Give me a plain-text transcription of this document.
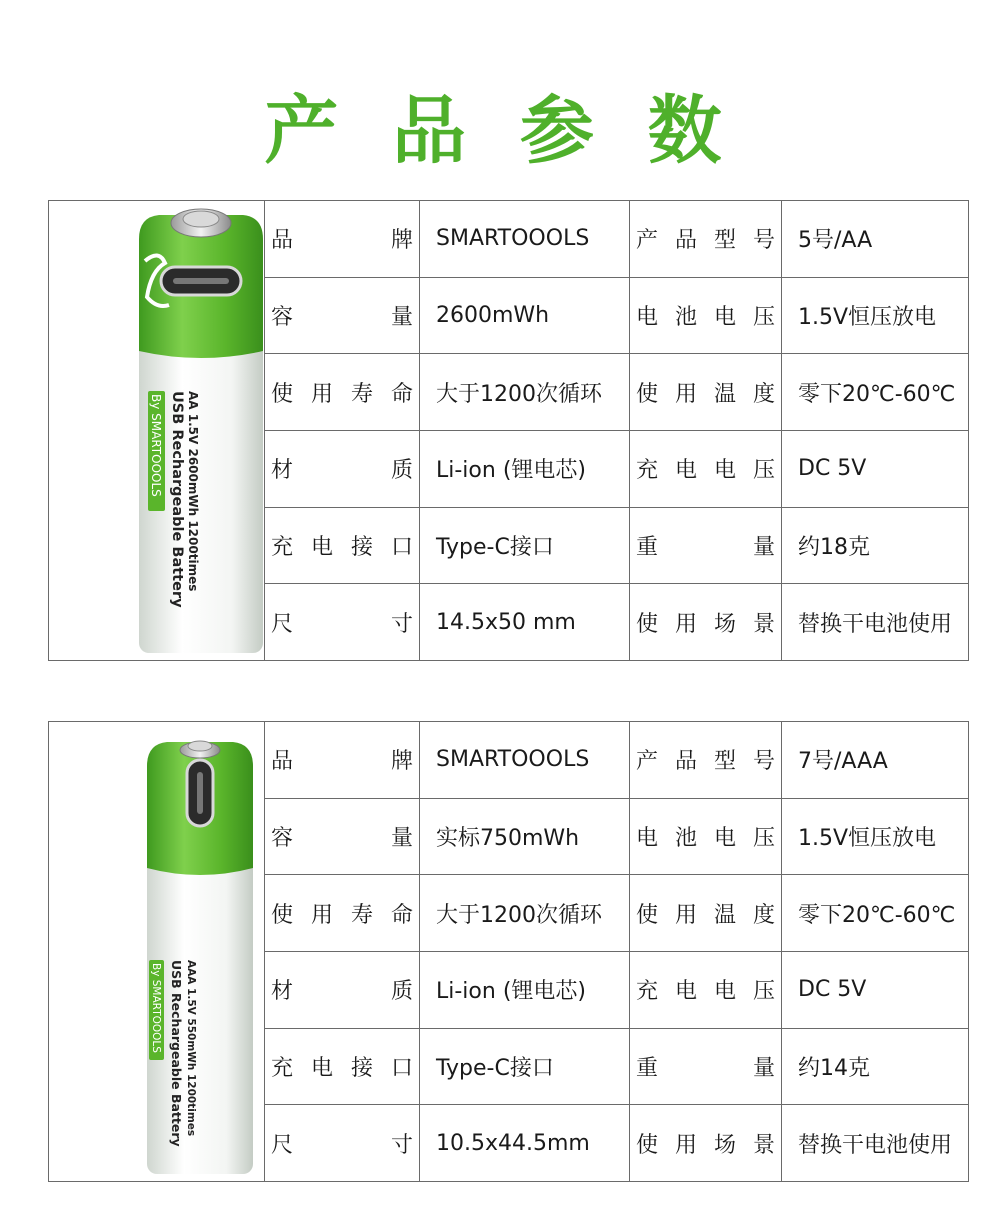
产 品 参 数
AA 1.5V 2600mWh 1200times
USB Rechargeable Battery
By SMARTOOOLS	品 牌	SMARTOOOLS	产 品 型 号	5号/AA

	容 量	2600mWh	电 池 电 压	1.5V恒压放电

	使 用 寿 命	大于1200次循环	使 用 温 度	零下20℃-60℃

	材 质	Li-ion (锂电芯)	充 电 电 压	DC 5V

	充 电 接 口	Type-C接口	重 量	约18克

	尺 寸	14.5x50 mm	使 用 场 景	替换干电池使用
AAA 1.5V 550mWh 1200times
USB Rechargeable Battery
By SMARTOOOLS	品 牌	SMARTOOOLS	产 品 型 号	7号/AAA

	容 量	实标750mWh	电 池 电 压	1.5V恒压放电

	使 用 寿 命	大于1200次循环	使 用 温 度	零下20℃-60℃

	材 质	Li-ion (锂电芯)	充 电 电 压	DC 5V

	充 电 接 口	Type-C接口	重 量	约14克

	尺 寸	10.5x44.5mm	使 用 场 景	替换干电池使用
